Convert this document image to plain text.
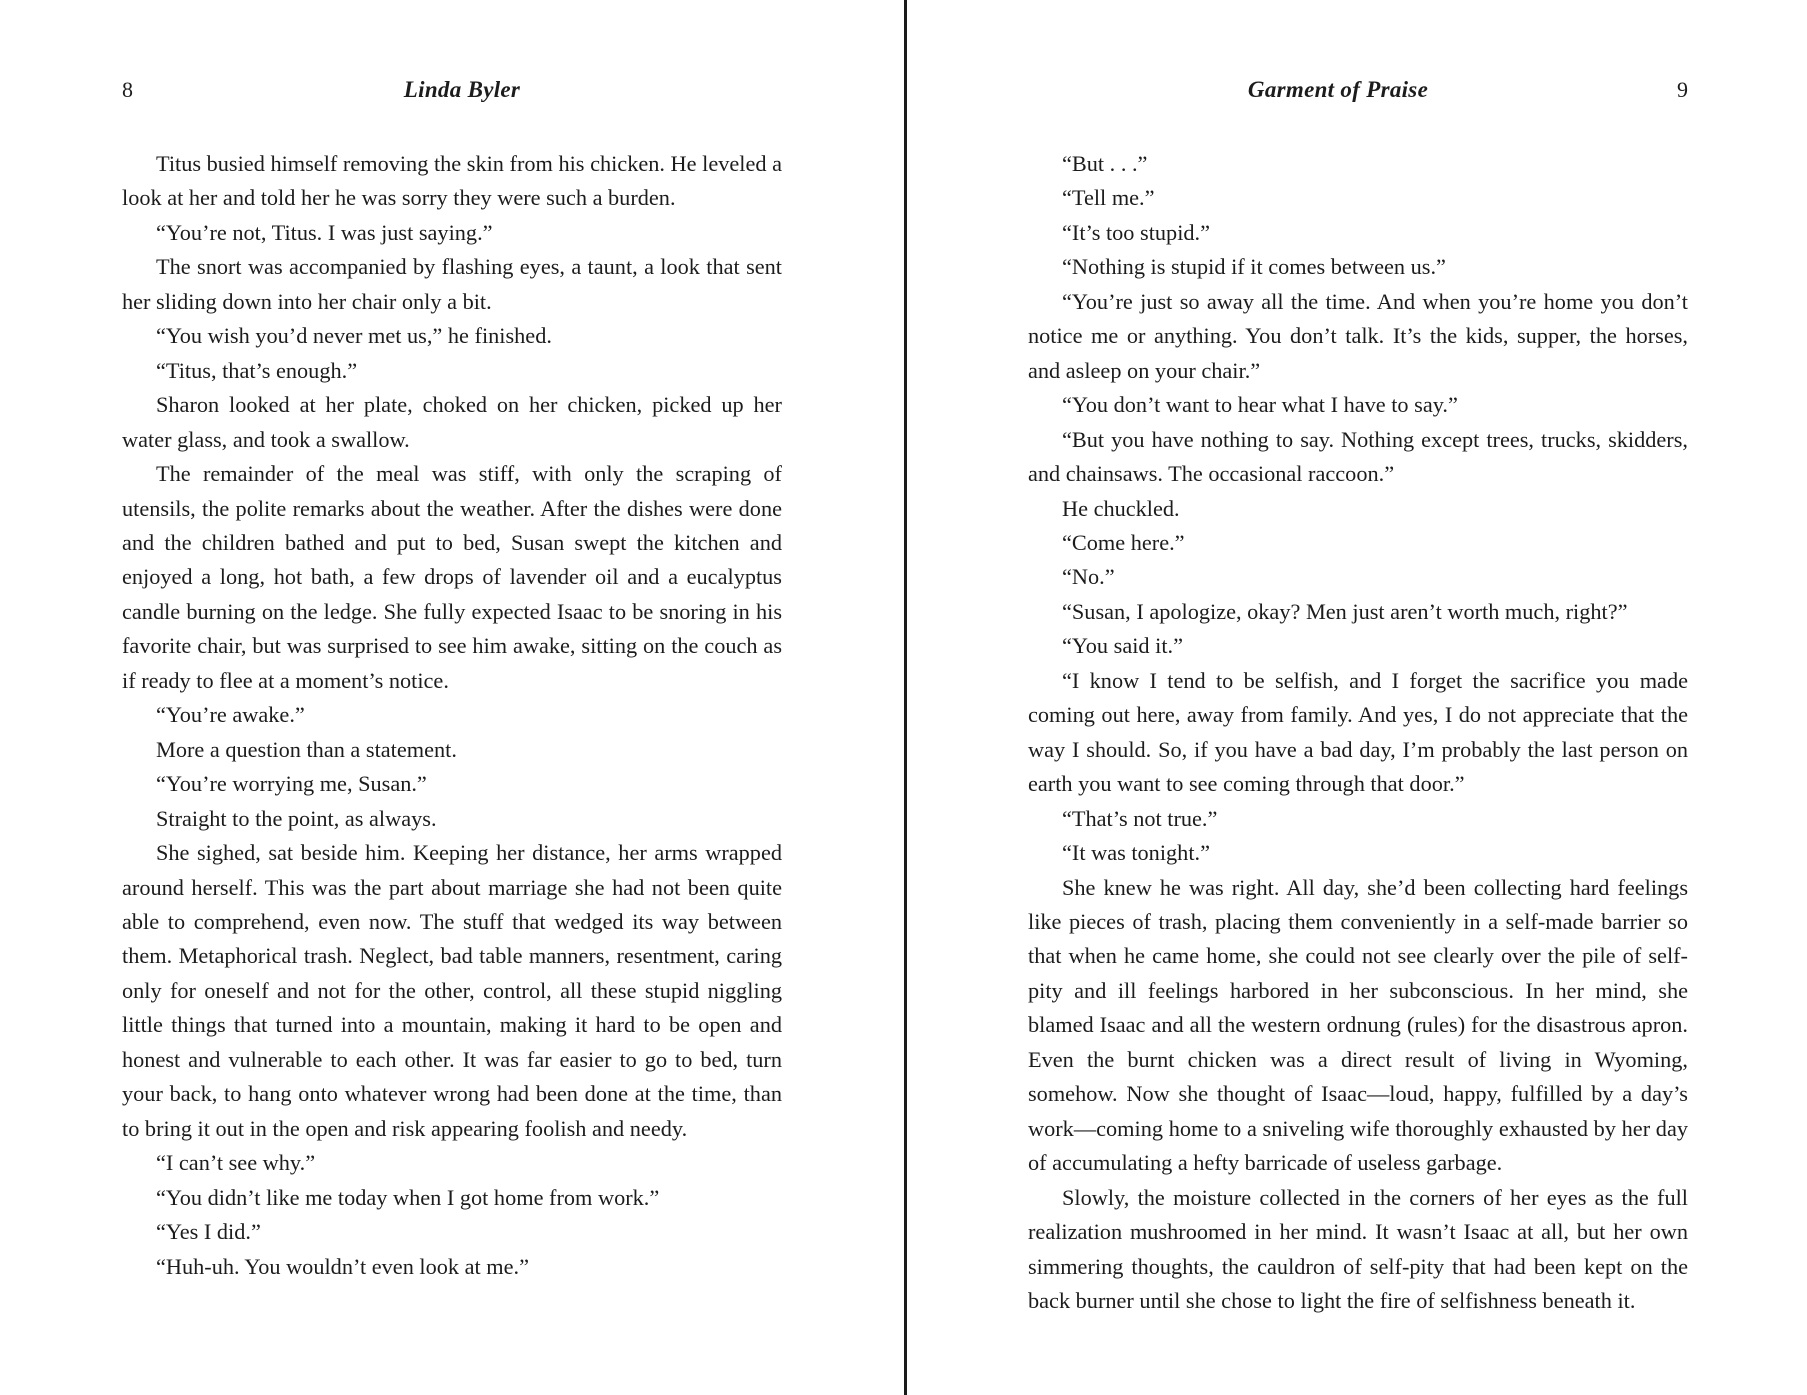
8	Linda Byler

Titus busied himself removing the skin from his chicken. He leveled a look at her and told her he was sorry they were such a burden.

“You’re not, Titus. I was just saying.”

The snort was accompanied by flashing eyes, a taunt, a look that sent her sliding down into her chair only a bit.

“You wish you’d never met us,” he finished.

“Titus, that’s enough.”

Sharon looked at her plate, choked on her chicken, picked up her water glass, and took a swallow.

The remainder of the meal was stiff, with only the scraping of utensils, the polite remarks about the weather. After the dishes were done and the children bathed and put to bed, Susan swept the kitchen and enjoyed a long, hot bath, a few drops of lavender oil and a eucalyptus candle burning on the ledge. She fully expected Isaac to be snoring in his favorite chair, but was surprised to see him awake, sitting on the couch as if ready to flee at a moment’s notice.

“You’re awake.”

More a question than a statement.

“You’re worrying me, Susan.”

Straight to the point, as always.

She sighed, sat beside him. Keeping her distance, her arms wrapped around herself. This was the part about marriage she had not been quite able to comprehend, even now. The stuff that wedged its way between them. Metaphorical trash. Neglect, bad table manners, resentment, caring only for oneself and not for the other, control, all these stupid niggling little things that turned into a mountain, making it hard to be open and honest and vulnerable to each other. It was far easier to go to bed, turn your back, to hang onto whatever wrong had been done at the time, than to bring it out in the open and risk appearing foolish and needy.

“I can’t see why.”

“You didn’t like me today when I got home from work.”

“Yes I did.”

“Huh-uh. You wouldn’t even look at me.”

Garment of Praise	9

“But . . .”

“Tell me.”

“It’s too stupid.”

“Nothing is stupid if it comes between us.”

“You’re just so away all the time. And when you’re home you don’t notice me or anything. You don’t talk. It’s the kids, supper, the horses, and asleep on your chair.”

“You don’t want to hear what I have to say.”

“But you have nothing to say. Nothing except trees, trucks, skidders, and chainsaws. The occasional raccoon.”

He chuckled.

“Come here.”

“No.”

“Susan, I apologize, okay? Men just aren’t worth much, right?”

“You said it.”

“I know I tend to be selfish, and I forget the sacrifice you made coming out here, away from family. And yes, I do not appreciate that the way I should. So, if you have a bad day, I’m probably the last person on earth you want to see coming through that door.”

“That’s not true.”

“It was tonight.”

She knew he was right. All day, she’d been collecting hard feelings like pieces of trash, placing them conveniently in a self-made barrier so that when he came home, she could not see clearly over the pile of self-pity and ill feelings harbored in her subconscious. In her mind, she blamed Isaac and all the western ordnung (rules) for the disastrous apron. Even the burnt chicken was a direct result of living in Wyoming, somehow. Now she thought of Isaac—loud, happy, fulfilled by a day’s work—coming home to a sniveling wife thoroughly exhausted by her day of accumulating a hefty barricade of useless garbage.

Slowly, the moisture collected in the corners of her eyes as the full realization mushroomed in her mind. It wasn’t Isaac at all, but her own simmering thoughts, the cauldron of self-pity that had been kept on the back burner until she chose to light the fire of selfishness beneath it.
